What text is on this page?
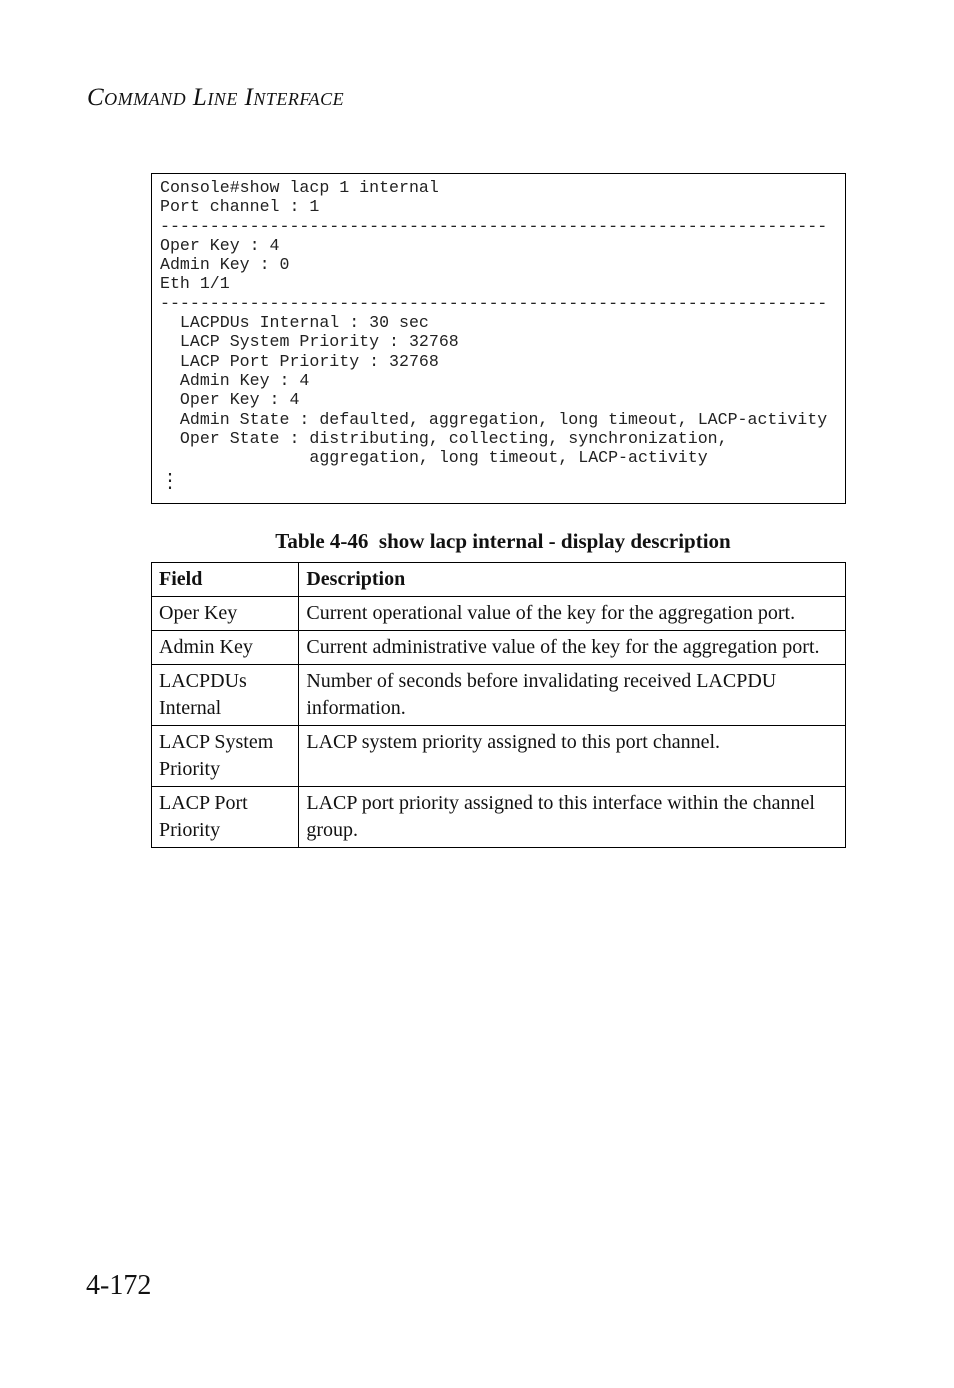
Command Line Interface
Console#show lacp 1 internal
Port channel : 1
-------------------------------------------------------------------
Oper Key : 4
Admin Key : 0
Eth 1/1
-------------------------------------------------------------------
LACPDUs Internal : 30 sec
LACP System Priority : 32768
LACP Port Priority : 32768
Admin Key : 4
Oper Key : 4
Admin State : defaulted, aggregation, long timeout, LACP-activity
Oper State : distributing, collecting, synchronization,
aggregation, long timeout, LACP-activity
⋮

Table 4-46  show lacp internal - display description

Field	Description
Oper Key	Current operational value of the key for the aggregation port.
Admin Key	Current administrative value of the key for the aggregation port.
LACPDUs Internal	Number of seconds before invalidating received LACPDU information.
LACP System Priority	LACP system priority assigned to this port channel.
LACP Port Priority	LACP port priority assigned to this interface within the channel group.

4-172
